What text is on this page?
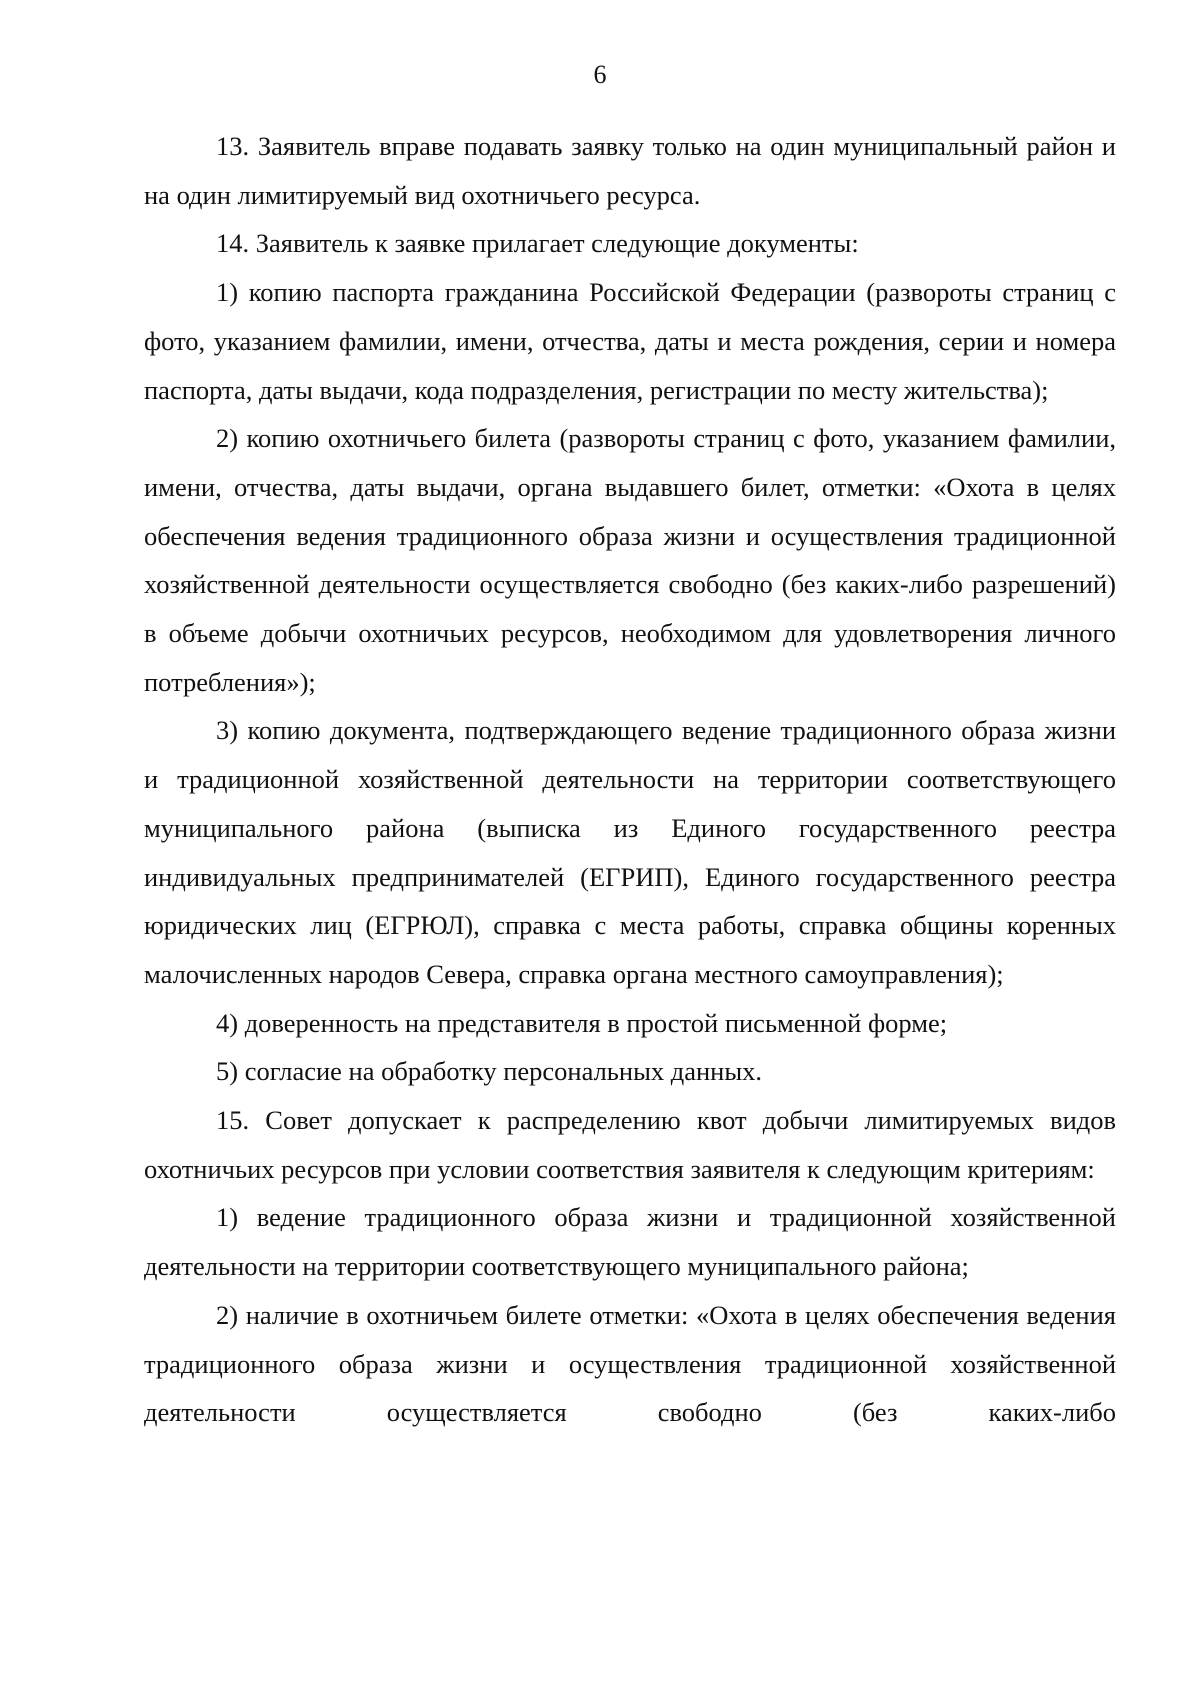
6

13. Заявитель вправе подавать заявку только на один муниципальный район и на один лимитируемый вид охотничьего ресурса.

14. Заявитель к заявке прилагает следующие документы:

1) копию паспорта гражданина Российской Федерации (развороты страниц с фото, указанием фамилии, имени, отчества, даты и места рождения, серии и номера паспорта, даты выдачи, кода подразделения, регистрации по месту жительства);

2) копию охотничьего билета (развороты страниц с фото, указанием фамилии, имени, отчества, даты выдачи, органа выдавшего билет, отметки: «Охота в целях обеспечения ведения традиционного образа жизни и осуществления традиционной хозяйственной деятельности осуществляется свободно (без каких-либо разрешений) в объеме добычи охотничьих ресурсов, необходимом для удовлетворения личного потребления»);

3) копию документа, подтверждающего ведение традиционного образа жизни и традиционной хозяйственной деятельности на территории соответствующего муниципального района (выписка из Единого государственного реестра индивидуальных предпринимателей (ЕГРИП), Единого государственного реестра юридических лиц (ЕГРЮЛ), справка с места работы, справка общины коренных малочисленных народов Севера, справка органа местного самоуправления);

4) доверенность на представителя в простой письменной форме;

5) согласие на обработку персональных данных.

15. Совет допускает к распределению квот добычи лимитируемых видов охотничьих ресурсов при условии соответствия заявителя к следующим критериям:

1) ведение традиционного образа жизни и традиционной хозяйственной деятельности на территории соответствующего муниципального района;

2) наличие в охотничьем билете отметки: «Охота в целях обеспечения ведения традиционного образа жизни и осуществления традиционной хозяйственной деятельности осуществляется свободно (без каких-либо
